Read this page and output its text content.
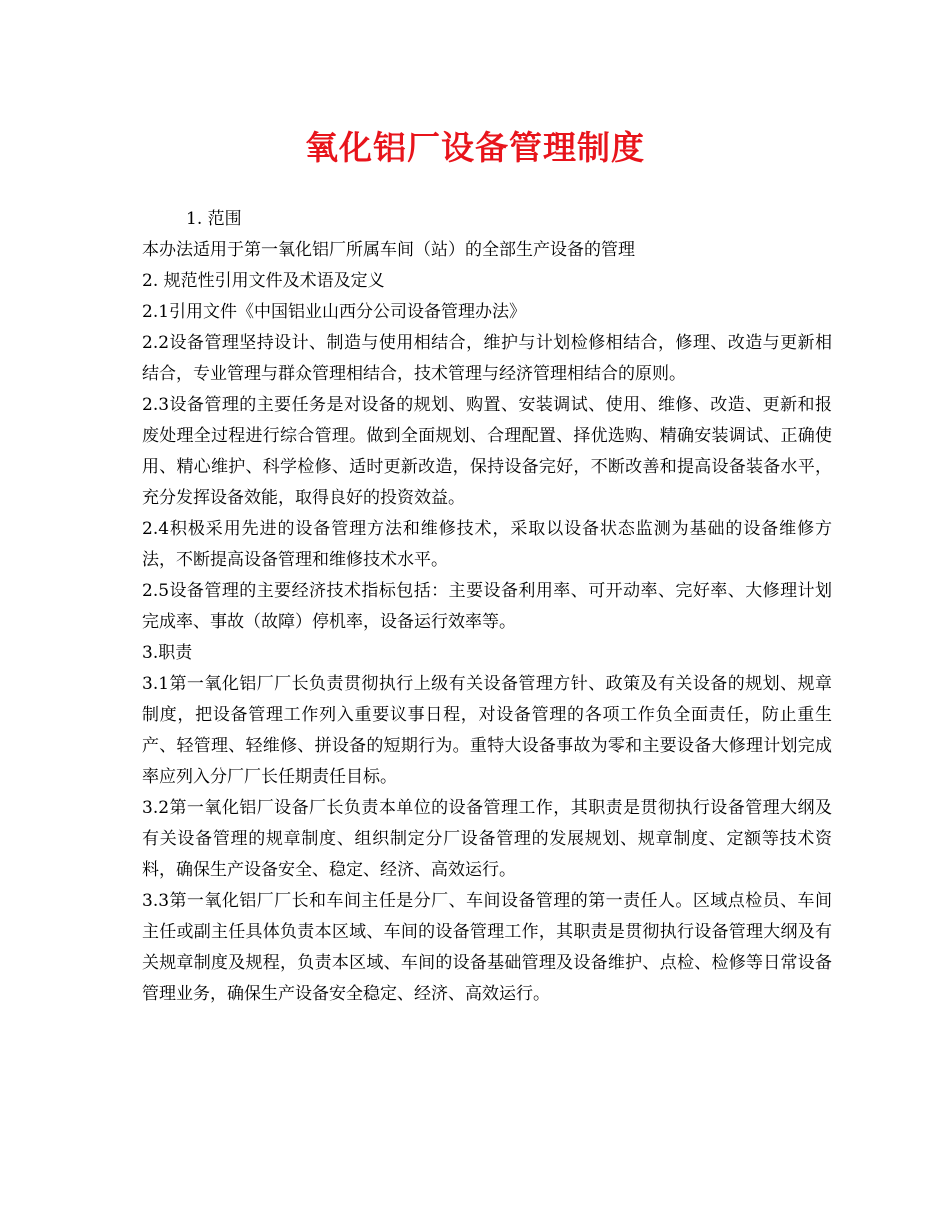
氧化铝厂设备管理制度
1. 范围
本办法适用于第一氧化铝厂所属车间（站）的全部生产设备的管理
2. 规范性引用文件及术语及定义
2.1引用文件《中国铝业山西分公司设备管理办法》
2.2设备管理坚持设计、制造与使用相结合，维护与计划检修相结合，修理、改造与更新相结合，专业管理与群众管理相结合，技术管理与经济管理相结合的原则。
2.3设备管理的主要任务是对设备的规划、购置、安装调试、使用、维修、改造、更新和报废处理全过程进行综合管理。做到全面规划、合理配置、择优选购、精确安装调试、正确使用、精心维护、科学检修、适时更新改造，保持设备完好，不断改善和提高设备装备水平，充分发挥设备效能，取得良好的投资效益。
2.4积极采用先进的设备管理方法和维修技术，采取以设备状态监测为基础的设备维修方法，不断提高设备管理和维修技术水平。
2.5设备管理的主要经济技术指标包括：主要设备利用率、可开动率、完好率、大修理计划完成率、事故（故障）停机率，设备运行效率等。
3.职责
3.1第一氧化铝厂厂长负责贯彻执行上级有关设备管理方针、政策及有关设备的规划、规章制度，把设备管理工作列入重要议事日程，对设备管理的各项工作负全面责任，防止重生产、轻管理、轻维修、拼设备的短期行为。重特大设备事故为零和主要设备大修理计划完成率应列入分厂厂长任期责任目标。
3.2第一氧化铝厂设备厂长负责本单位的设备管理工作，其职责是贯彻执行设备管理大纲及有关设备管理的规章制度、组织制定分厂设备管理的发展规划、规章制度、定额等技术资料，确保生产设备安全、稳定、经济、高效运行。
3.3第一氧化铝厂厂长和车间主任是分厂、车间设备管理的第一责任人。区域点检员、车间主任或副主任具体负责本区域、车间的设备管理工作，其职责是贯彻执行设备管理大纲及有关规章制度及规程，负责本区域、车间的设备基础管理及设备维护、点检、检修等日常设备管理业务，确保生产设备安全稳定、经济、高效运行。
